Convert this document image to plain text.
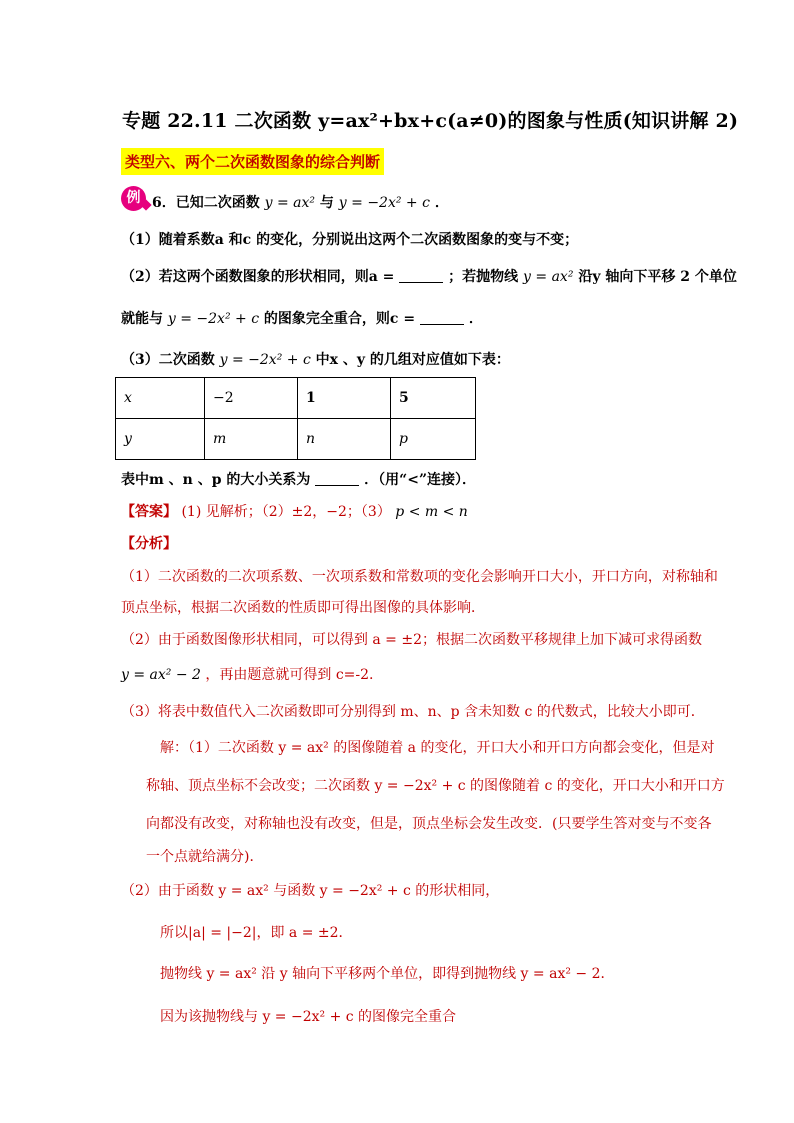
专题 22.11 二次函数 y=ax²+bx+c(a≠0)的图象与性质(知识讲解 2)
类型六、两个二次函数图象的综合判断
例 6．已知二次函数 y = ax² 与 y = −2x² + c ．
（1）随着系数a 和c 的变化，分别说出这两个二次函数图象的变与不变；
（2）若这两个函数图象的形状相同，则a =	；若抛物线 y = ax² 沿y 轴向下平移 2 个单位
就能与 y = −2x² + c 的图象完全重合，则c =	．
（3）二次函数 y = −2x² + c 中x 、y 的几组对应值如下表：
x	−2	1	5
y	m	n	p
表中m 、n 、p 的大小关系为	．（用“<”连接）．
【答案】 (1) 见解析；（2）±2，−2；（3） p < m < n
【分析】
（1）二次函数的二次项系数、一次项系数和常数项的变化会影响开口大小，开口方向，对称轴和
顶点坐标，根据二次函数的性质即可得出图像的具体影响．
（2）由于函数图像形状相同，可以得到 a = ±2；根据二次函数平移规律上加下减可求得函数
y = ax² − 2 ，再由题意就可得到 c=-2.
（3）将表中数值代入二次函数即可分别得到 m、n、p 含未知数 c 的代数式，比较大小即可．
解：（1）二次函数 y = ax² 的图像随着 a 的变化，开口大小和开口方向都会变化，但是对
称轴、顶点坐标不会改变；二次函数 y = −2x² + c 的图像随着 c 的变化，开口大小和开口方
向都没有改变，对称轴也没有改变，但是，顶点坐标会发生改变．(只要学生答对变与不变各
一个点就给满分)．
（2）由于函数 y = ax² 与函数 y = −2x² + c 的形状相同，
所以|a| = |−2|，即 a = ±2．
抛物线 y = ax² 沿 y 轴向下平移两个单位，即得到抛物线 y = ax² − 2．
因为该抛物线与 y = −2x² + c 的图像完全重合
